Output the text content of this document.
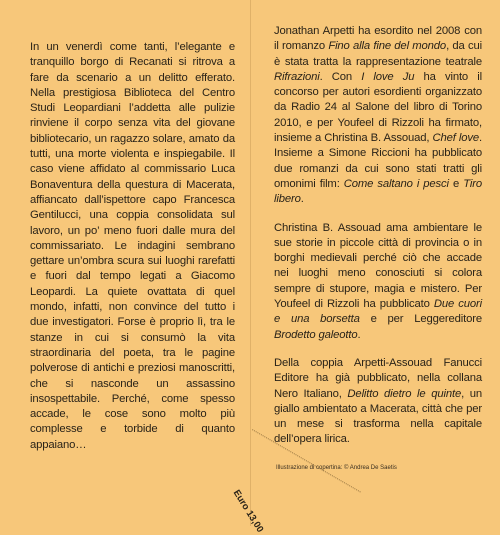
In un venerdì come tanti, l’elegante e tranquillo borgo di Recanati si ritrova a fare da scenario a un delitto efferato. Nella prestigiosa Biblioteca del Centro Studi Leopardiani l’addetta alle pulizie rinviene il corpo senza vita del giovane bibliotecario, un ragazzo solare, amato da tutti, una morte violenta e inspiegabile. Il caso viene affidato al commissario Luca Bonaventura della questura di Macerata, affiancato dall’ispettore capo Francesca Gentilucci, una coppia consolidata sul lavoro, un po’ meno fuori dalle mura del commissariato. Le indagini sembrano gettare un’ombra scura sui luoghi rarefatti e fuori dal tempo legati a Giacomo Leopardi. La quiete ovattata di quel mondo, infatti, non convince del tutto i due investigatori. Forse è proprio lì, tra le stanze in cui si consumò la vita straordinaria del poeta, tra le pagine polverose di antichi e preziosi manoscritti, che si nasconde un assassino insospettabile. Perché, come spesso accade, le cose sono molto più complesse e torbide di quanto appaiano…

Jonathan Arpetti ha esordito nel 2008 con il romanzo Fino alla fine del mondo, da cui è stata tratta la rappresentazione teatrale Rifrazioni. Con I love Ju ha vinto il concorso per autori esordienti organizzato da Radio 24 al Salone del libro di Torino 2010, e per Youfeel di Rizzoli ha firmato, insieme a Christina B. Assouad, Chef love. Insieme a Simone Riccioni ha pubblicato due romanzi da cui sono stati tratti gli omonimi film: Come saltano i pesci e Tiro libero.

Christina B. Assouad ama ambientare le sue storie in piccole città di provincia o in borghi medievali perché ciò che accade nei luoghi meno conosciuti si colora sempre di stupore, magia e mistero. Per Youfeel di Rizzoli ha pubblicato Due cuori e una borsetta e per Leggereditore Brodetto galeotto.

Della coppia Arpetti-Assouad Fanucci Editore ha già pubblicato, nella collana Nero Italiano, Delitto dietro le quinte, un giallo ambientato a Macerata, città che per un mese si trasforma nella capitale dell’opera lirica.

Illustrazione di copertina: © Andrea De Saetis
Euro 13,00
